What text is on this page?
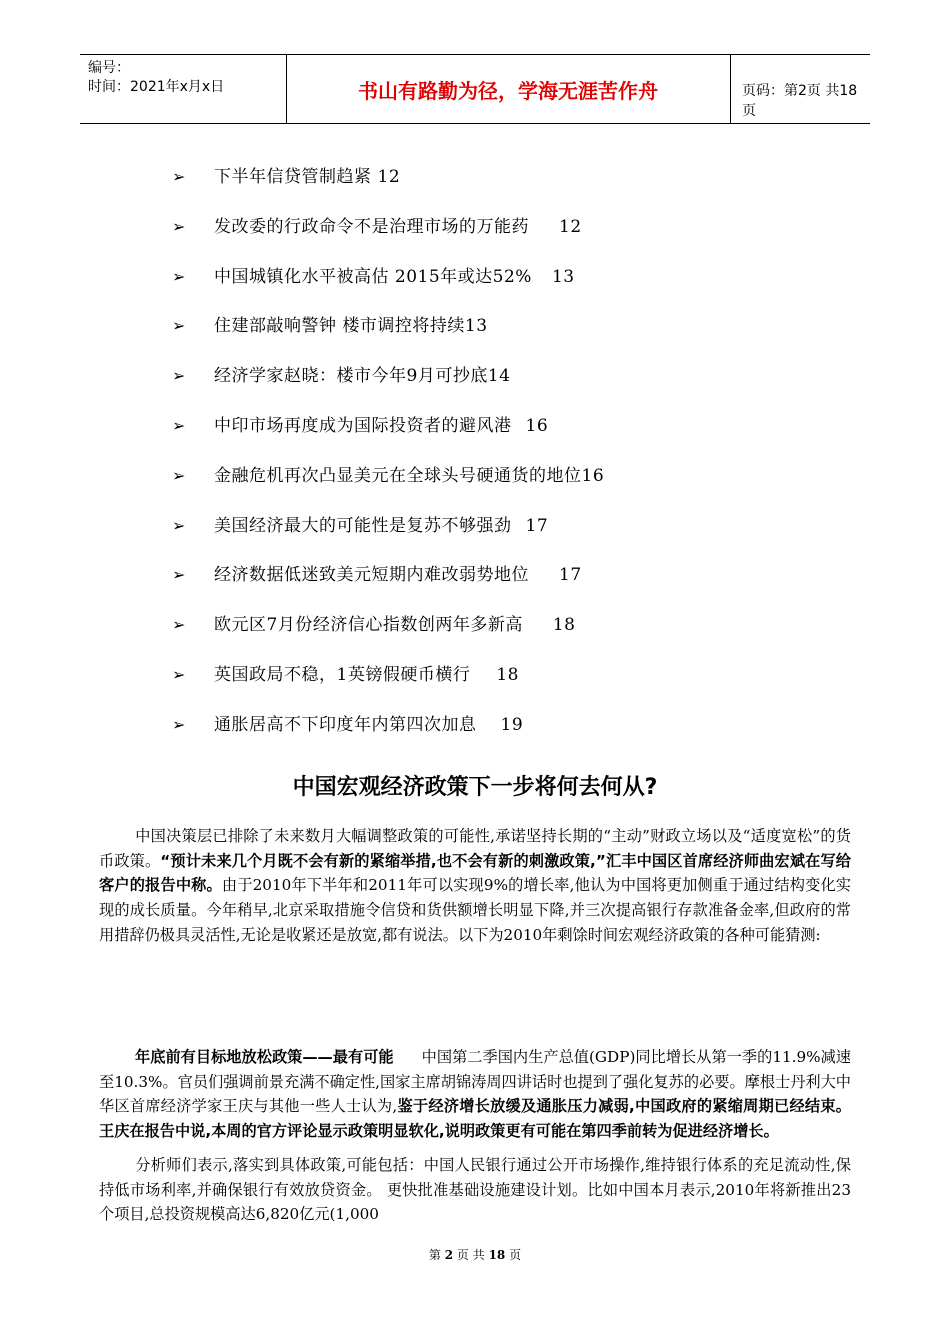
编号：
时间：2021年x月x日	书山有路勤为径，学海无涯苦作舟	页码：第2页 共18页
➢	下半年信贷管制趋紧 12
➢	发改委的行政命令不是治理市场的万能药 12
➢	中国城镇化水平被高估 2015年或达52% 13
➢	住建部敲响警钟 楼市调控将持续 13
➢	经济学家赵晓：楼市今年9月可抄底 14
➢	中印市场再度成为国际投资者的避风港 16
➢	金融危机再次凸显美元在全球头号硬通货的地位 16
➢	美国经济最大的可能性是复苏不够强劲 17
➢	经济数据低迷致美元短期内难改弱势地位 17
➢	欧元区7月份经济信心指数创两年多新高 18
➢	英国政局不稳，1英镑假硬币横行 18
➢	通胀居高不下印度年内第四次加息 19
中国宏观经济政策下一步将何去何从?
中国决策层已排除了未来数月大幅调整政策的可能性,承诺坚持长期的“主动”财政立场以及“适度宽松”的货币政策。“预计未来几个月既不会有新的紧缩举措,也不会有新的刺激政策,”汇丰中国区首席经济师曲宏斌在写给客户的报告中称。由于2010年下半年和2011年可以实现9%的增长率,他认为中国将更加侧重于通过结构变化实现的成长质量。今年稍早,北京采取措施令信贷和货供额增长明显下降,并三次提高银行存款准备金率,但政府的常用措辞仍极具灵活性,无论是收紧还是放宽,都有说法。以下为2010年剩馀时间宏观经济政策的各种可能猜测:
年底前有目标地放松政策——最有可能 中国第二季国内生产总值(GDP)同比增长从第一季的11.9%减速至10.3%。官员们强调前景充满不确定性,国家主席胡锦涛周四讲话时也提到了强化复苏的必要。摩根士丹利大中华区首席经济学家王庆与其他一些人士认为,鉴于经济增长放缓及通胀压力减弱,中国政府的紧缩周期已经结束。王庆在报告中说,本周的官方评论显示政策明显软化,说明政策更有可能在第四季前转为促进经济增长。
分析师们表示,落实到具体政策,可能包括：中国人民银行通过公开市场操作,维持银行体系的充足流动性,保持低市场利率,并确保银行有效放贷资金。 更快批准基础设施建设计划。比如中国本月表示,2010年将新推出23个项目,总投资规模高达6,820亿元(1,000
第 2 页 共 18 页
